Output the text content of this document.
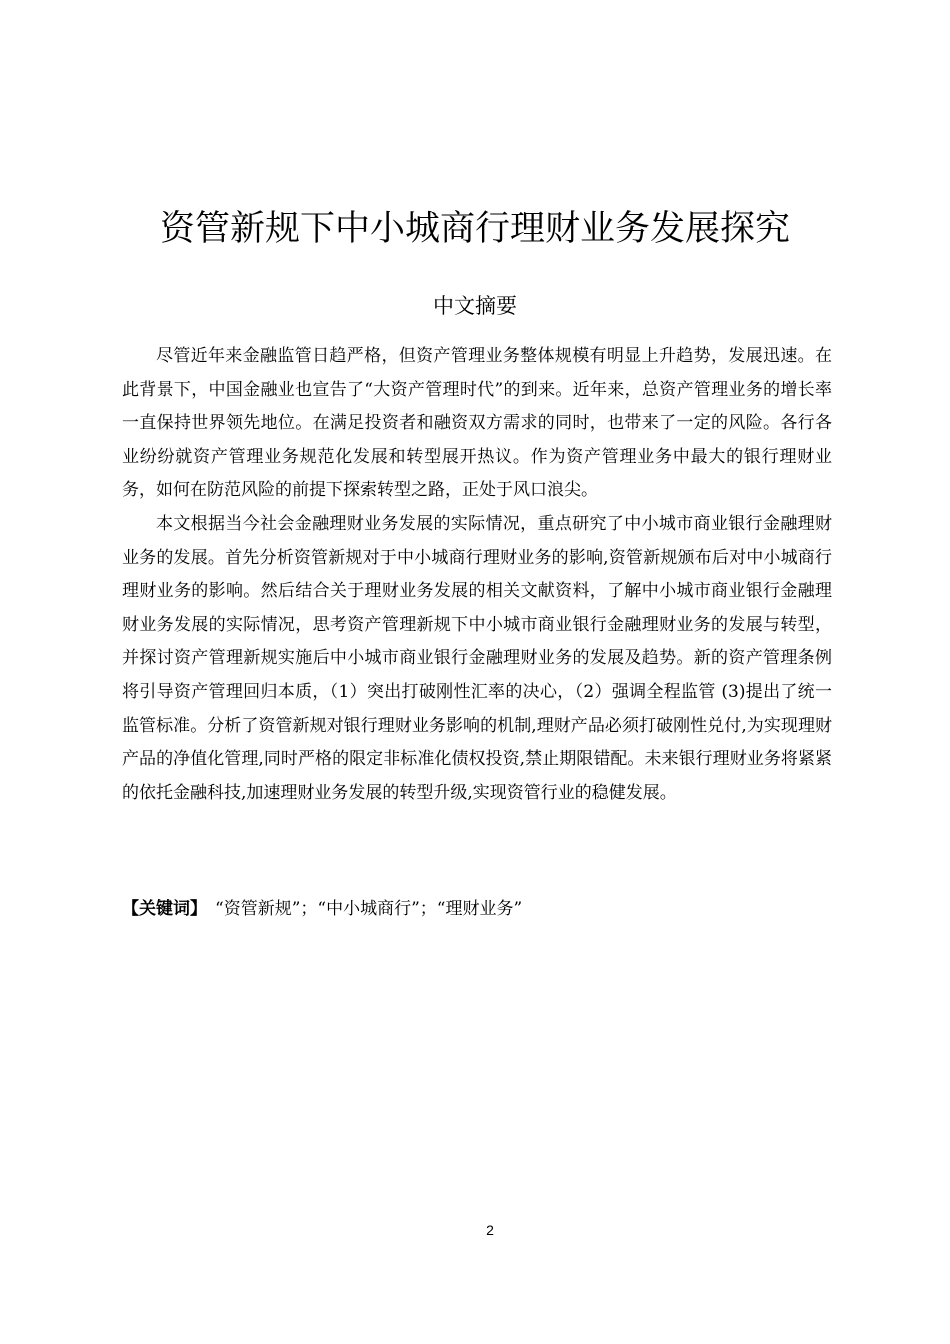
资管新规下中小城商行理财业务发展探究
中文摘要

尽管近年来金融监管日趋严格，但资产管理业务整体规模有明显上升趋势，发展迅速。在此背景下，中国金融业也宣告了“大资产管理时代”的到来。近年来，总资产管理业务的增长率一直保持世界领先地位。在满足投资者和融资双方需求的同时，也带来了一定的风险。各行各业纷纷就资产管理业务规范化发展和转型展开热议。作为资产管理业务中最大的银行理财业务，如何在防范风险的前提下探索转型之路，正处于风口浪尖。

本文根据当今社会金融理财业务发展的实际情况，重点研究了中小城市商业银行金融理财业务的发展。首先分析资管新规对于中小城商行理财业务的影响,资管新规颁布后对中小城商行理财业务的影响。然后结合关于理财业务发展的相关文献资料，了解中小城市商业银行金融理财业务发展的实际情况，思考资产管理新规下中小城市商业银行金融理财业务的发展与转型，并探讨资产管理新规实施后中小城市商业银行金融理财业务的发展及趋势。新的资产管理条例将引导资产管理回归本质，（1）突出打破刚性汇率的决心，（2）强调全程监管 (3)提出了统一监管标准。分析了资管新规对银行理财业务影响的机制,理财产品必须打破刚性兑付,为实现理财产品的净值化管理,同时严格的限定非标准化债权投资,禁止期限错配。未来银行理财业务将紧紧的依托金融科技,加速理财业务发展的转型升级,实现资管行业的稳健发展。

【关键词】 “资管新规”；“中小城商行”；“理财业务”
2
